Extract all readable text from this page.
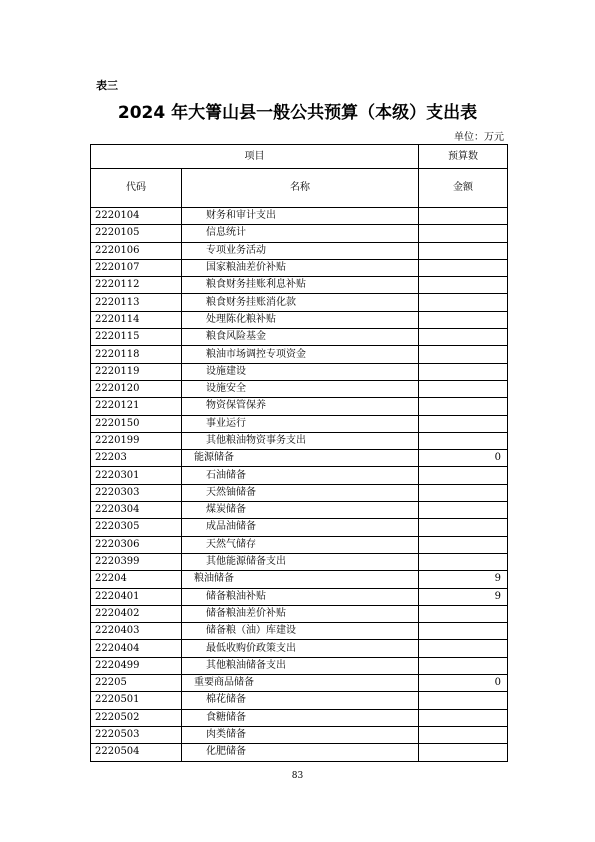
表三
2024 年大箐山县一般公共预算（本级）支出表
单位：万元
项目		预算数
代码	名称	金额
2220104	财务和审计支出	
2220105	信息统计	
2220106	专项业务活动	
2220107	国家粮油差价补贴	
2220112	粮食财务挂账利息补贴	
2220113	粮食财务挂账消化款	
2220114	处理陈化粮补贴	
2220115	粮食风险基金	
2220118	粮油市场调控专项资金	
2220119	设施建设	
2220120	设施安全	
2220121	物资保管保养	
2220150	事业运行	
2220199	其他粮油物资事务支出	
22203	能源储备	0
2220301	石油储备	
2220303	天然铀储备	
2220304	煤炭储备	
2220305	成品油储备	
2220306	天然气储存	
2220399	其他能源储备支出	
22204	粮油储备	9
2220401	储备粮油补贴	9
2220402	储备粮油差价补贴	
2220403	储备粮（油）库建设	
2220404	最低收购价政策支出	
2220499	其他粮油储备支出	
22205	重要商品储备	0
2220501	棉花储备	
2220502	食糖储备	
2220503	肉类储备	
2220504	化肥储备	
83
